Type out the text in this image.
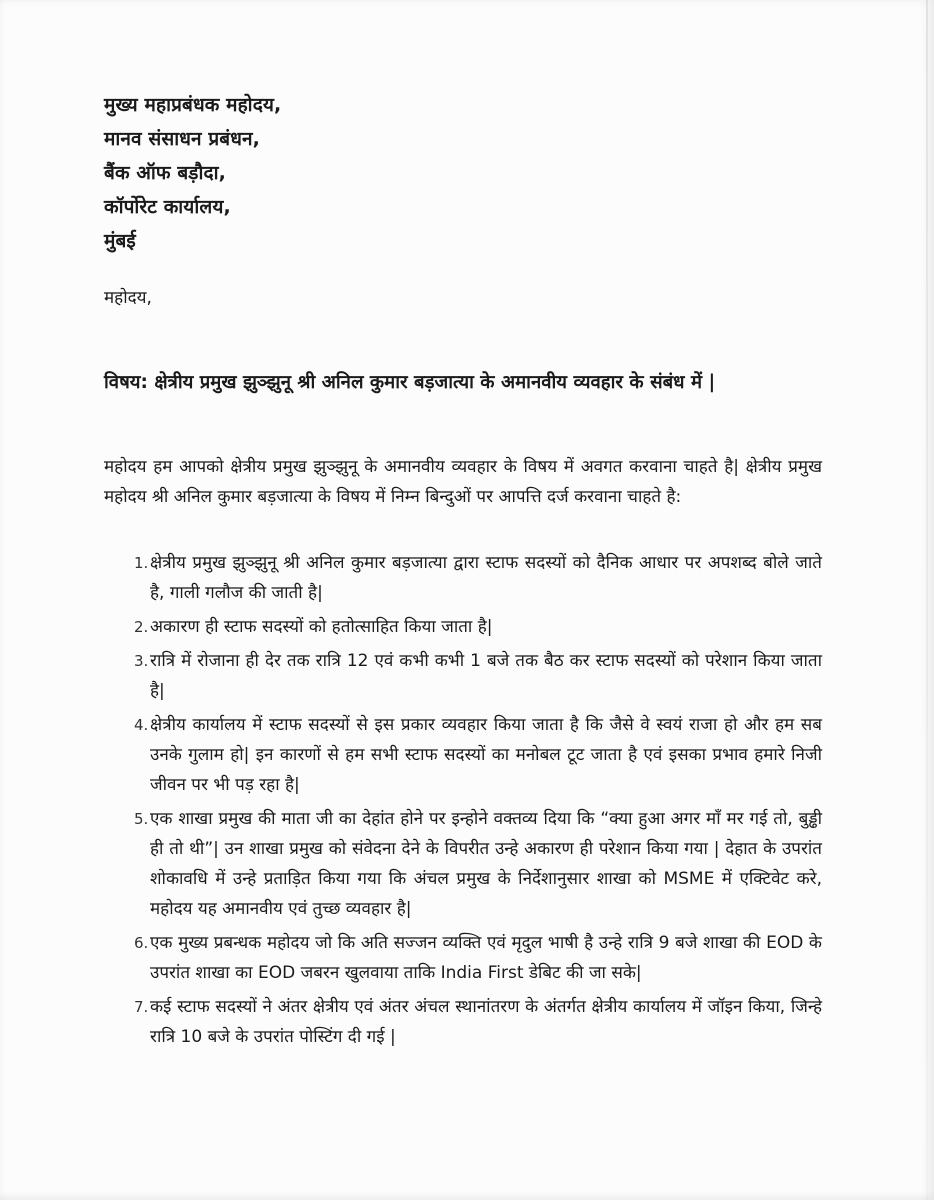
मुख्य महाप्रबंधक महोदय,
मानव संसाधन प्रबंधन,
बैंक ऑफ बड़ौदा,
कॉर्पोरेट कार्यालय,
मुंबई
महोदय,
विषय: क्षेत्रीय प्रमुख झुञ्झुनू श्री अनिल कुमार बड़जात्या के अमानवीय व्यवहार के संबंध में |
महोदय हम आपको क्षेत्रीय प्रमुख झुञ्झुनू के अमानवीय व्यवहार के विषय में अवगत करवाना चाहते है| क्षेत्रीय प्रमुख महोदय श्री अनिल कुमार बड़जात्या के विषय में निम्न बिन्दुओं पर आपत्ति दर्ज करवाना चाहते है:
1. क्षेत्रीय प्रमुख झुञ्झुनू श्री अनिल कुमार बड़जात्या द्वारा स्टाफ सदस्यों को दैनिक आधार पर अपशब्द बोले जाते है, गाली गलौज की जाती है|
2. अकारण ही स्टाफ सदस्यों को हतोत्साहित किया जाता है|
3. रात्रि में रोजाना ही देर तक रात्रि 12 एवं कभी कभी 1 बजे तक बैठ कर स्टाफ सदस्यों को परेशान किया जाता है|
4. क्षेत्रीय कार्यालय में स्टाफ सदस्यों से इस प्रकार व्यवहार किया जाता है कि जैसे वे स्वयं राजा हो और हम सब उनके गुलाम हो| इन कारणों से हम सभी स्टाफ सदस्यों का मनोबल टूट जाता है एवं इसका प्रभाव हमारे निजी जीवन पर भी पड़ रहा है|
5. एक शाखा प्रमुख की माता जी का देहांत होने पर इन्होने वक्तव्य दिया कि “क्या हुआ अगर माँ मर गई तो, बुड्ढी ही तो थी”| उन शाखा प्रमुख को संवेदना देने के विपरीत उन्हे अकारण ही परेशान किया गया | देहात के उपरांत शोकावधि में उन्हे प्रताड़ित किया गया कि अंचल प्रमुख के निर्देशानुसार शाखा को MSME में एक्टिवेट करे, महोदय यह अमानवीय एवं तुच्छ व्यवहार है|
6. एक मुख्य प्रबन्धक महोदय जो कि अति सज्जन व्यक्ति एवं मृदुल भाषी है उन्हे रात्रि 9 बजे शाखा की EOD के उपरांत शाखा का EOD जबरन खुलवाया ताकि India First डेबिट की जा सके|
7. कई स्टाफ सदस्यों ने अंतर क्षेत्रीय एवं अंतर अंचल स्थानांतरण के अंतर्गत क्षेत्रीय कार्यालय में जॉइन किया, जिन्हे रात्रि 10 बजे के उपरांत पोस्टिंग दी गई |
